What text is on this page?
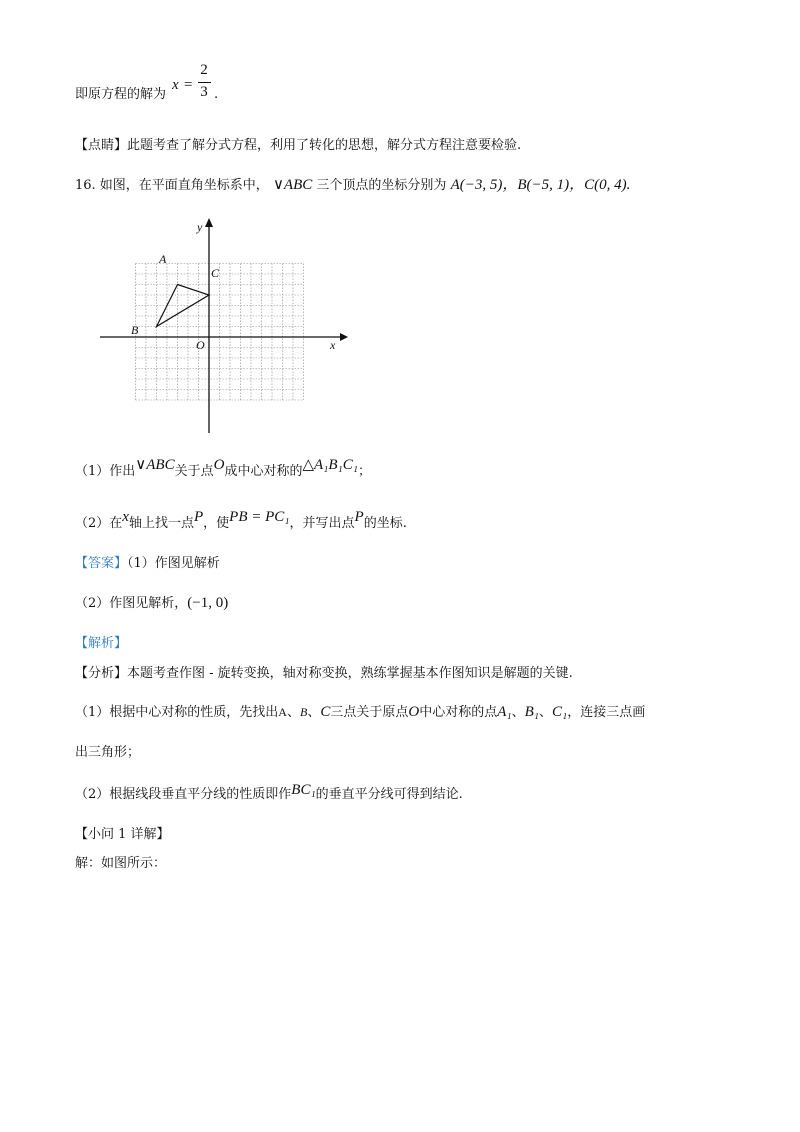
即原方程的解为
x =
2
3 .
【点睛】此题考查了解分式方程，利用了转化的思想，解分式方程注意要检验.
16. 如图，在平面直角坐标系中， ∨ABC 三个顶点的坐标分别为 A(−3, 5)，B(−5, 1)，C(0, 4).
y
x
O
A
B
C
（1）作出∨ABC关于点O成中心对称的△A₁B₁C₁；
（2）在x轴上找一点P，使PB = PC₁，并写出点P的坐标.
【答案】（1）作图见解析
（2）作图见解析，(−1, 0)
【解析】
【分析】本题考查作图 - 旋转变换，轴对称变换，熟练掌握基本作图知识是解题的关键.
（1）根据中心对称的性质，先找出A、B、C三点关于原点O中心对称的点A₁、B₁、C₁，连接三点画
出三角形；
（2）根据线段垂直平分线的性质即作BC₁的垂直平分线可得到结论.
【小问 1 详解】
解：如图所示：
